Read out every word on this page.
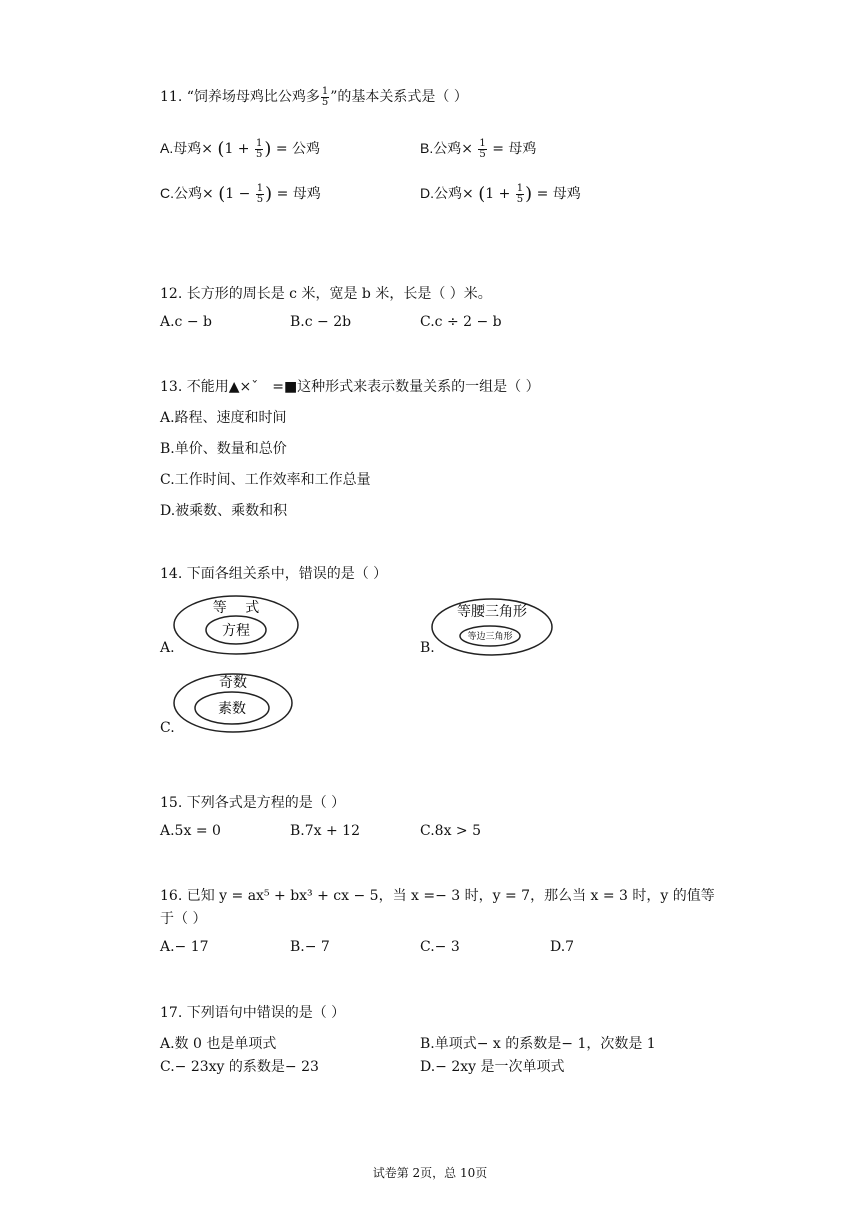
11. “饲养场母鸡比公鸡多 $\frac{1}{5}$ ”的基本关系式是（ ）
A.母鸡× ($1 + \frac{1}{5}$ ) = 公鸡	B.公鸡× $\frac{1}{5}$ = 母鸡
C.公鸡× ($1 - \frac{1}{5}$ ) = 母鸡	D.公鸡× ($1 + \frac{1}{5}$ ) = 母鸡
12. 长方形的周长是 c 米，宽是 b 米，长是（ ）米。
A.c − b	B.c − 2b	C.c ÷ 2 − b
13. 不能用▲×ˇ　=■这种形式来表示数量关系的一组是（ ）
A.路程、速度和时间
B.单价、数量和总价
C.工作时间、工作效率和工作总量
D.被乘数、乘数和积
14. 下面各组关系中，错误的是（ ）
A.
等　 式
方程
B.
等腰三角形
等边三角形
C.
奇数
素数
15. 下列各式是方程的是（ ）
A.5x = 0	B.7x + 12	C.8x > 5
16. 已知 y = ax⁵ + bx³ + cx − 5，当 x =− 3 时，y = 7，那么当 x = 3 时，y 的值等
于（ ）
A.− 17	B.− 7	C.− 3	D.7
17. 下列语句中错误的是（ ）
A.数 0 也是单项式	B.单项式− x 的系数是− 1，次数是 1
C.− 23xy 的系数是− 23	D.− 2xy 是一次单项式
试卷第 2页，总 10页
